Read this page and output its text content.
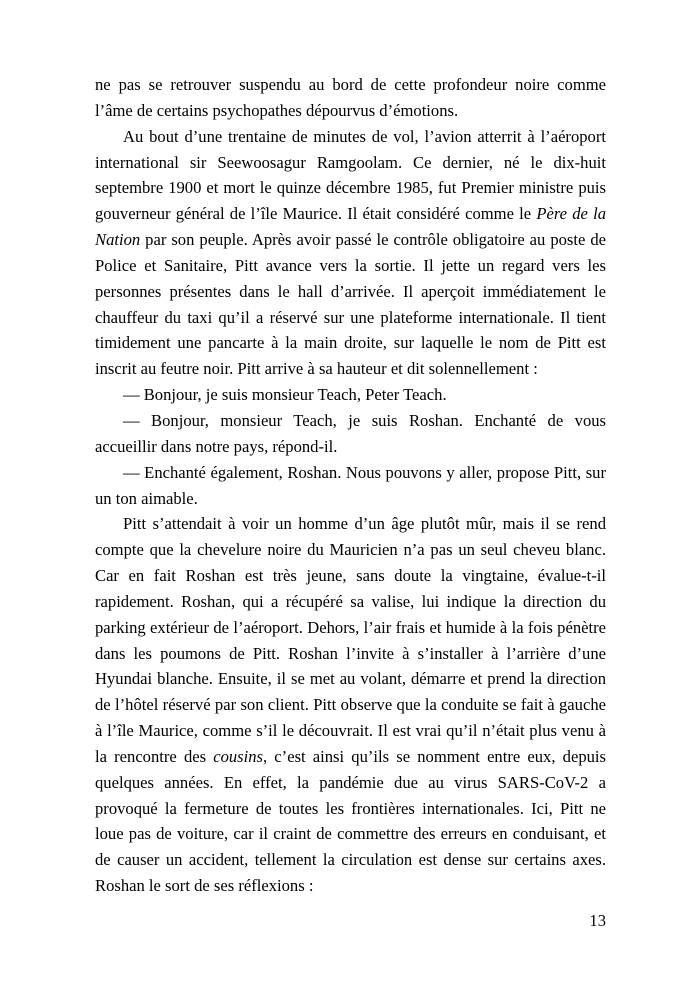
ne pas se retrouver suspendu au bord de cette profondeur noire comme l’âme de certains psychopathes dépourvus d’émotions.

Au bout d’une trentaine de minutes de vol, l’avion atterrit à l’aéroport international sir Seewoosagur Ramgoolam. Ce dernier, né le dix-huit septembre 1900 et mort le quinze décembre 1985, fut Premier ministre puis gouverneur général de l’île Maurice. Il était considéré comme le Père de la Nation par son peuple. Après avoir passé le contrôle obligatoire au poste de Police et Sanitaire, Pitt avance vers la sortie. Il jette un regard vers les personnes présentes dans le hall d’arrivée. Il aperçoit immédiatement le chauffeur du taxi qu’il a réservé sur une plateforme internationale. Il tient timidement une pancarte à la main droite, sur laquelle le nom de Pitt est inscrit au feutre noir. Pitt arrive à sa hauteur et dit solennellement :

— Bonjour, je suis monsieur Teach, Peter Teach.

— Bonjour, monsieur Teach, je suis Roshan. Enchanté de vous accueillir dans notre pays, répond-il.

— Enchanté également, Roshan. Nous pouvons y aller, propose Pitt, sur un ton aimable.

Pitt s’attendait à voir un homme d’un âge plutôt mûr, mais il se rend compte que la chevelure noire du Mauricien n’a pas un seul cheveu blanc. Car en fait Roshan est très jeune, sans doute la vingtaine, évalue-t-il rapidement. Roshan, qui a récupéré sa valise, lui indique la direction du parking extérieur de l’aéroport. Dehors, l’air frais et humide à la fois pénètre dans les poumons de Pitt. Roshan l’invite à s’installer à l’arrière d’une Hyundai blanche. Ensuite, il se met au volant, démarre et prend la direction de l’hôtel réservé par son client. Pitt observe que la conduite se fait à gauche à l’île Maurice, comme s’il le découvrait. Il est vrai qu’il n’était plus venu à la rencontre des cousins, c’est ainsi qu’ils se nomment entre eux, depuis quelques années. En effet, la pandémie due au virus SARS-CoV-2 a provoqué la fermeture de toutes les frontières internationales. Ici, Pitt ne loue pas de voiture, car il craint de commettre des erreurs en conduisant, et de causer un accident, tellement la circulation est dense sur certains axes. Roshan le sort de ses réflexions :

13
